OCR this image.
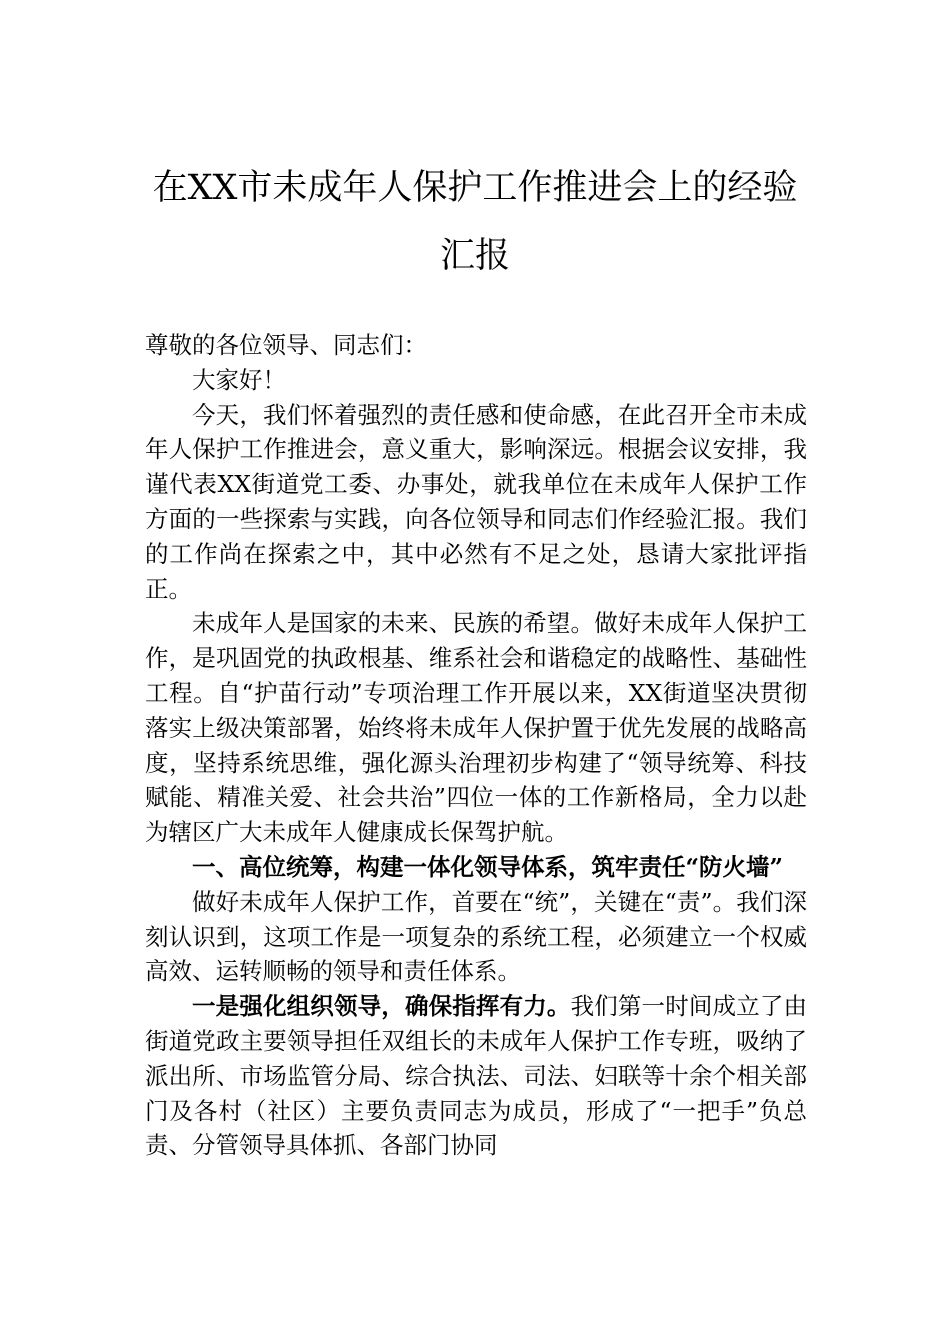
在XX市未成年人保护工作推进会上的经验
汇报

尊敬的各位领导、同志们：

大家好！

今天，我们怀着强烈的责任感和使命感，在此召开全市未成年人保护工作推进会，意义重大，影响深远。根据会议安排，我谨代表XX街道党工委、办事处，就我单位在未成年人保护工作方面的一些探索与实践，向各位领导和同志们作经验汇报。我们的工作尚在探索之中，其中必然有不足之处，恳请大家批评指正。

未成年人是国家的未来、民族的希望。做好未成年人保护工作，是巩固党的执政根基、维系社会和谐稳定的战略性、基础性工程。自“护苗行动”专项治理工作开展以来，XX街道坚决贯彻落实上级决策部署，始终将未成年人保护置于优先发展的战略高度，坚持系统思维，强化源头治理初步构建了“领导统筹、科技赋能、精准关爱、社会共治”四位一体的工作新格局，全力以赴为辖区广大未成年人健康成长保驾护航。

一、高位统筹，构建一体化领导体系，筑牢责任“防火墙”

做好未成年人保护工作，首要在“统”，关键在“责”。我们深刻认识到，这项工作是一项复杂的系统工程，必须建立一个权威高效、运转顺畅的领导和责任体系。

一是强化组织领导，确保指挥有力。我们第一时间成立了由街道党政主要领导担任双组长的未成年人保护工作专班，吸纳了派出所、市场监管分局、综合执法、司法、妇联等十余个相关部门及各村（社区）主要负责同志为成员，形成了“一把手”负总责、分管领导具体抓、各部门协同
